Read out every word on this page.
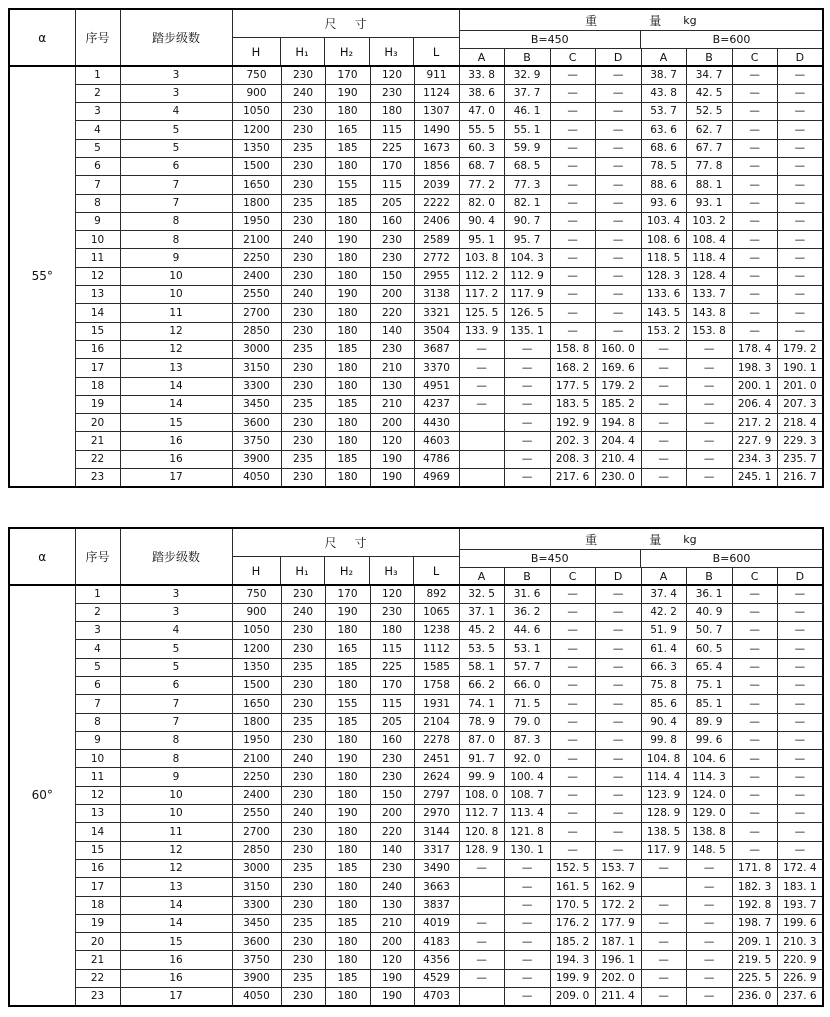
α	序号	踏步级数	
尺 寸
H	H₁	H₂	H₃	L

重	量 kg
B=450	B=600
A	B	C	D	A	B	C	D

55°	1	3	750	230	170	120	911	33. 8	32. 9	—	—	38. 7	34. 7	—	—
	2	3	900	240	190	230	1124	38. 6	37. 7	—	—	43. 8	42. 5	—	—
	3	4	1050	230	180	180	1307	47. 0	46. 1	—	—	53. 7	52. 5	—	—
	4	5	1200	230	165	115	1490	55. 5	55. 1	—	—	63. 6	62. 7	—	—
	5	5	1350	235	185	225	1673	60. 3	59. 9	—	—	68. 6	67. 7	—	—
	6	6	1500	230	180	170	1856	68. 7	68. 5	—	—	78. 5	77. 8	—	—
	7	7	1650	230	155	115	2039	77. 2	77. 3	—	—	88. 6	88. 1	—	—
	8	7	1800	235	185	205	2222	82. 0	82. 1	—	—	93. 6	93. 1	—	—
	9	8	1950	230	180	160	2406	90. 4	90. 7	—	—	103. 4	103. 2	—	—
	10	8	2100	240	190	230	2589	95. 1	95. 7	—	—	108. 6	108. 4	—	—
	11	9	2250	230	180	230	2772	103. 8	104. 3	—	—	118. 5	118. 4	—	—
	12	10	2400	230	180	150	2955	112. 2	112. 9	—	—	128. 3	128. 4	—	—
	13	10	2550	240	190	200	3138	117. 2	117. 9	—	—	133. 6	133. 7	—	—
	14	11	2700	230	180	220	3321	125. 5	126. 5	—	—	143. 5	143. 8	—	—
	15	12	2850	230	180	140	3504	133. 9	135. 1	—	—	153. 2	153. 8	—	—
	16	12	3000	235	185	230	3687	—	—	158. 8	160. 0	—	—	178. 4	179. 2
	17	13	3150	230	180	210	3370	—	—	168. 2	169. 6	—	—	198. 3	190. 1
	18	14	3300	230	180	130	4951	—	—	177. 5	179. 2	—	—	200. 1	201. 0
	19	14	3450	235	185	210	4237	—	—	183. 5	185. 2	—	—	206. 4	207. 3
	20	15	3600	230	180	200	4430		—	192. 9	194. 8	—	—	217. 2	218. 4
	21	16	3750	230	180	120	4603		—	202. 3	204. 4	—	—	227. 9	229. 3
	22	16	3900	235	185	190	4786		—	208. 3	210. 4	—	—	234. 3	235. 7
	23	17	4050	230	180	190	4969		—	217. 6	230. 0	—	—	245. 1	216. 7
α	序号	踏步级数	
尺 寸
H	H₁	H₂	H₃	L

重	量 kg
B=450	B=600
A	B	C	D	A	B	C	D

60°	1	3	750	230	170	120	892	32. 5	31. 6	—	—	37. 4	36. 1	—	—
	2	3	900	240	190	230	1065	37. 1	36. 2	—	—	42. 2	40. 9	—	—
	3	4	1050	230	180	180	1238	45. 2	44. 6	—	—	51. 9	50. 7	—	—
	4	5	1200	230	165	115	1112	53. 5	53. 1	—	—	61. 4	60. 5	—	—
	5	5	1350	235	185	225	1585	58. 1	57. 7	—	—	66. 3	65. 4	—	—
	6	6	1500	230	180	170	1758	66. 2	66. 0	—	—	75. 8	75. 1	—	—
	7	7	1650	230	155	115	1931	74. 1	71. 5	—	—	85. 6	85. 1	—	—
	8	7	1800	235	185	205	2104	78. 9	79. 0	—	—	90. 4	89. 9	—	—
	9	8	1950	230	180	160	2278	87. 0	87. 3	—	—	99. 8	99. 6	—	—
	10	8	2100	240	190	230	2451	91. 7	92. 0	—	—	104. 8	104. 6	—	—
	11	9	2250	230	180	230	2624	99. 9	100. 4	—	—	114. 4	114. 3	—	—
	12	10	2400	230	180	150	2797	108. 0	108. 7	—	—	123. 9	124. 0	—	—
	13	10	2550	240	190	200	2970	112. 7	113. 4	—	—	128. 9	129. 0	—	—
	14	11	2700	230	180	220	3144	120. 8	121. 8	—	—	138. 5	138. 8	—	—
	15	12	2850	230	180	140	3317	128. 9	130. 1	—	—	117. 9	148. 5	—	—
	16	12	3000	235	185	230	3490	—	—	152. 5	153. 7	—	—	171. 8	172. 4
	17	13	3150	230	180	240	3663		—	161. 5	162. 9		—	182. 3	183. 1
	18	14	3300	230	180	130	3837		—	170. 5	172. 2	—	—	192. 8	193. 7
	19	14	3450	235	185	210	4019	—	—	176. 2	177. 9	—	—	198. 7	199. 6
	20	15	3600	230	180	200	4183	—	—	185. 2	187. 1	—	—	209. 1	210. 3
	21	16	3750	230	180	120	4356	—	—	194. 3	196. 1	—	—	219. 5	220. 9
	22	16	3900	235	185	190	4529	—	—	199. 9	202. 0	—	—	225. 5	226. 9
	23	17	4050	230	180	190	4703		—	209. 0	211. 4	—	—	236. 0	237. 6
